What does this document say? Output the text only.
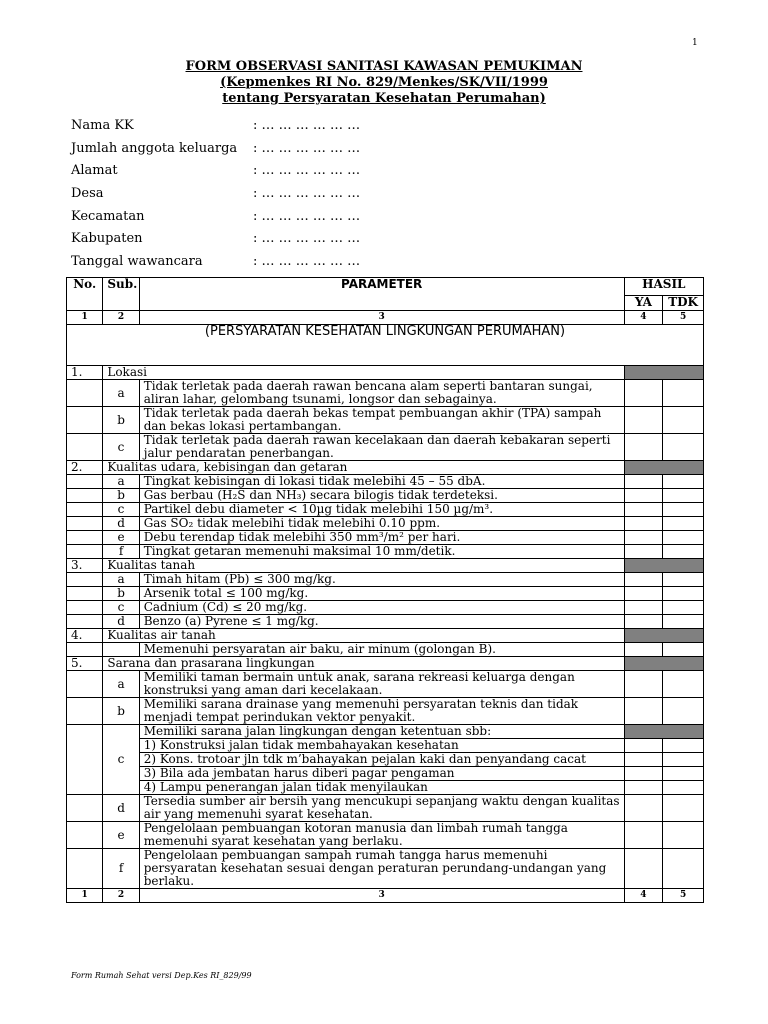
1
FORM OBSERVASI SANITASI KAWASAN PEMUKIMAN
(Kepmenkes RI No. 829/Menkes/SK/VII/1999
tentang Persyaratan Kesehatan Perumahan)
Nama KK	: … … … … … …
Jumlah anggota keluarga : … … … … … …
Alamat	: … … … … … …
Desa	: … … … … … …
Kecamatan	: … … … … … …
Kabupaten	: … … … … … …
Tanggal wawancara	: … … … … … …
No.	Sub.	PARAMETER	HASIL	
			YA	TDK
1	2	3	4	5
(PERSYARATAN KESEHATAN LINGKUNGAN PERUMAHAN)				
1.	Lokasi			
	a	Tidak terletak pada daerah rawan bencana alam seperti bantaran sungai, aliran lahar, gelombang tsunami, longsor dan sebagainya.		
	b	Tidak terletak pada daerah bekas tempat pembuangan akhir (TPA) sampah dan bekas lokasi pertambangan.		
	c	Tidak terletak pada daerah rawan kecelakaan dan daerah kebakaran seperti jalur pendaratan penerbangan.		
2.	Kualitas udara, kebisingan dan getaran			
	a	Tingkat kebisingan di lokasi tidak melebihi 45 – 55 dbA.		
	b	Gas berbau (H₂S dan NH₃) secara bilogis tidak terdeteksi.		
	c	Partikel debu diameter < 10µg tidak melebihi 150 µg/m³.		
	d	Gas SO₂ tidak melebihi tidak melebihi 0.10 ppm.		
	e	Debu terendap tidak melebihi 350 mm³/m² per hari.		
	f	Tingkat getaran memenuhi maksimal 10 mm/detik.		
3.	Kualitas tanah			
	a	Timah hitam (Pb) ≤ 300 mg/kg.		
	b	Arsenik total ≤ 100 mg/kg.		
	c	Cadnium (Cd) ≤ 20 mg/kg.		
	d	Benzo (a) Pyrene ≤ 1 mg/kg.		
4.	Kualitas air tanah			
		Memenuhi persyaratan air baku, air minum (golongan B).		
5.	Sarana dan prasarana lingkungan			
	a	Memiliki taman bermain untuk anak, sarana rekreasi keluarga dengan konstruksi yang aman dari kecelakaan.		
	b	Memiliki sarana drainase yang memenuhi persyaratan teknis dan tidak menjadi tempat perindukan vektor penyakit.		
	c	Memiliki sarana jalan lingkungan dengan ketentuan sbb:		
		1) Konstruksi jalan tidak membahayakan kesehatan		
		2) Kons. trotoar jln tdk m’bahayakan pejalan kaki dan penyandang cacat		
		3) Bila ada jembatan harus diberi pagar pengaman		
		4) Lampu penerangan jalan tidak menyilaukan		
	d	Tersedia sumber air bersih yang mencukupi sepanjang waktu dengan kualitas air yang memenuhi syarat kesehatan.		
	e	Pengelolaan pembuangan kotoran manusia dan limbah rumah tangga memenuhi syarat kesehatan yang berlaku.		
	f	Pengelolaan pembuangan sampah rumah tangga harus memenuhi persyaratan kesehatan sesuai dengan peraturan perundang-undangan yang berlaku.		
1	2	3	4	5
Form Rumah Sehat versi Dep.Kes RI_829/99
